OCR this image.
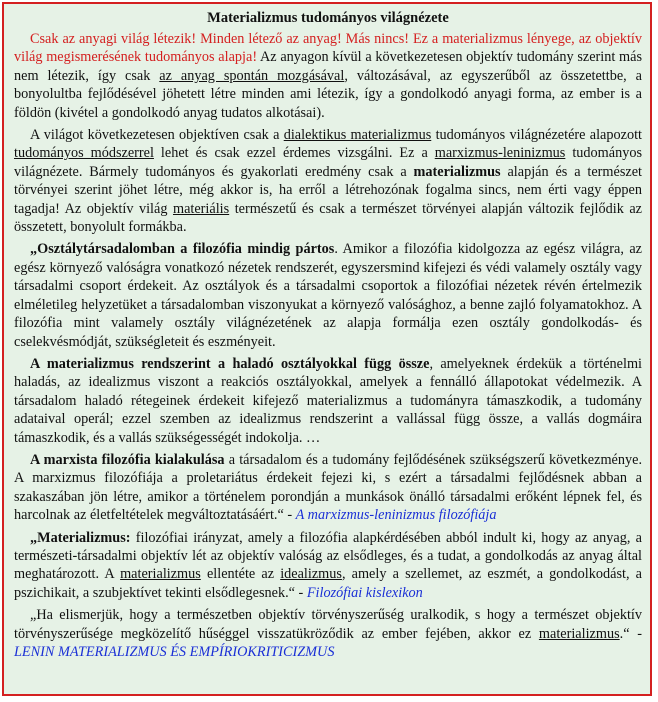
Materializmus tudományos világnézete

Csak az anyagi világ létezik! Minden létező az anyag! Más nincs! Ez a materializmus lényege, az objektív világ megismerésének tudományos alapja! Az anyagon kívül a következetesen objektív tudomány szerint más nem létezik, így csak az anyag spontán mozgásával, változásával, az egyszerűből az összetettbe, a bonyolultba fejlődésével jöhetett létre minden ami létezik, így a gondolkodó anyagi forma, az ember is a földön (kivétel a gondolkodó anyag tudatos alkotásai).

A világot következetesen objektíven csak a dialektikus materializmus tudományos világnézetére alapozott tudományos módszerrel lehet és csak ezzel érdemes vizsgálni. Ez a marxizmus-leninizmus tudományos világnézete. Bármely tudományos és gyakorlati eredmény csak a materializmus alapján és a természet törvényei szerint jöhet létre, még akkor is, ha erről a létrehozónak fogalma sincs, nem érti vagy éppen tagadja! Az objektív világ materiális természetű és csak a természet törvényei alapján változik fejlődik az összetett, bonyolult formákba.

„Osztálytársadalomban a filozófia mindig pártos. Amikor a filozófia kidolgozza az egész világra, az egész környező valóságra vonatkozó nézetek rendszerét, egyszersmind kifejezi és védi valamely osztály vagy társadalmi csoport érdekeit. Az osztályok és a társadalmi csoportok a filozófiai nézetek révén értelmezik elméletileg helyzetüket a társadalomban viszonyukat a környező valósághoz, a benne zajló folyamatokhoz. A filozófia mint valamely osztály világnézetének az alapja formálja ezen osztály gondolkodás- és cselekvésmódját, szükségleteit és eszményeit.

A materializmus rendszerint a haladó osztályokkal függ össze, amelyeknek érdekük a történelmi haladás, az idealizmus viszont a reakciós osztályokkal, amelyek a fennálló állapotokat védelmezik. A társadalom haladó rétegeinek érdekeit kifejező materializmus a tudományra támaszkodik, a tudomány adataival operál; ezzel szemben az idealizmus rendszerint a vallással függ össze, a vallás dogmáira támaszkodik, és a vallás szükségességét indokolja. …

A marxista filozófia kialakulása a társadalom és a tudomány fejlődésének szükségszerű következménye. A marxizmus filozófiája a proletariátus érdekeit fejezi ki, s ezért a társadalmi fejlődésnek abban a szakaszában jön létre, amikor a történelem porondján a munkások önálló társadalmi erőként lépnek fel, és harcolnak az életfeltételek megváltoztatásáért.“ - A marxizmus-leninizmus filozófiája

„Materializmus: filozófiai irányzat, amely a filozófia alapkérdésében abból indult ki, hogy az anyag, a természeti-társadalmi objektív lét az objektív valóság az elsődleges, és a tudat, a gondolkodás az anyag által meghatározott. A materializmus ellentéte az idealizmus, amely a szellemet, az eszmét, a gondolkodást, a pszichikait, a szubjektívet tekinti elsődlegesnek.“ - Filozófiai kislexikon

„Ha elismerjük, hogy a természetben objektív törvényszerűség uralkodik, s hogy a természet objektív törvényszerűsége megközelítő hűséggel visszatükröződik az ember fejében, akkor ez materializmus.“ - LENIN MATERIALIZMUS ÉS EMPÍRIOKRITICIZMUS
